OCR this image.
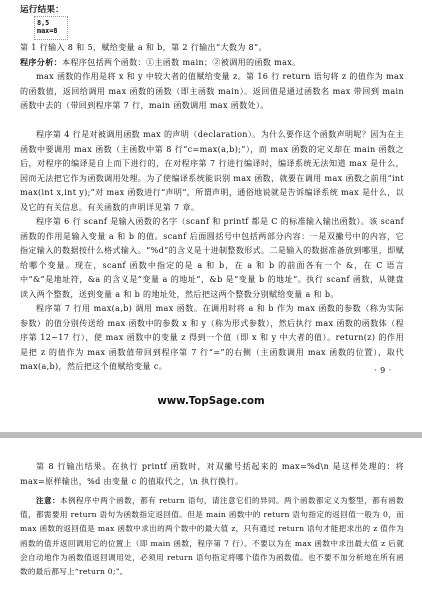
运行结果：
8,5
max=8

第 1 行输入 8 和 5，赋给变量 a 和 b，第 2 行输出“大数为 8”。

程序分析：本程序包括两个函数：①主函数 main；②被调用的函数 max。

max 函数的作用是将 x 和 y 中较大者的值赋给变量 z。第 16 行 return 语句将 z 的值作为 max 的函数值，返回给调用 max 函数的函数（即主函数 main）。返回值是通过函数名 max 带回到 main 函数中去的（带回到程序第 7 行，main 函数调用 max 函数处）。

程序第 4 行是对被调用函数 max 的声明（declaration）。为什么要作这个函数声明呢？因为在主函数中要调用 max 函数（主函数中第 8 行“c=max(a,b);”），而 max 函数的定义却在 main 函数之后，对程序的编译是自上而下进行的，在对程序第 7 行进行编译时，编译系统无法知道 max 是什么，因而无法把它作为函数调用处理。为了使编译系统能识别 max 函数，就要在调用 max 函数之前用“int max(int x,int y);”对 max 函数进行“声明”，所谓声明，通俗地说就是告诉编译系统 max 是什么，以及它的有关信息。有关函数的声明详见第 7 章。

程序第 6 行 scanf 是输入函数的名字（scanf 和 printf 都是 C 的标准输入输出函数）。该 scanf 函数的作用是输入变量 a 和 b 的值。scanf 后面圆括号中包括两部分内容：一是双撇号中的内容，它指定输入的数据按什么格式输入。“%d”的含义是十进制整数形式。二是输入的数据准备放到哪里，即赋给哪个变量。现在，scanf 函数中指定的是 a 和 b，在 a 和 b 的前面各有一个 &，在 C 语言中“&”是地址符，&a 的含义是“变量 a 的地址”，&b 是“变量 b 的地址”。执行 scanf 函数，从键盘读入两个整数，送到变量 a 和 b 的地址处，然后把这两个整数分别赋给变量 a 和 b。

程序第 7 行用 max(a,b) 调用 max 函数。在调用时将 a 和 b 作为 max 函数的参数（称为实际参数）的值分别传送给 max 函数中的参数 x 和 y（称为形式参数），然后执行 max 函数的函数体（程序第 12~17 行），使 max 函数中的变量 z 得到一个值（即 x 和 y 中大者的值）。return(z) 的作用是把 z 的值作为 max 函数值带回到程序第 7 行“=”的右侧（主函数调用 max 函数的位置），取代 max(a,b)，然后把这个值赋给变量 c。	· 9 ·
www.TopSage.com

第 8 行输出结果。在执行 printf 函数时，对双撇号括起来的 max=%d\n 是这样处理的：将 max=原样输出，%d 由变量 c 的值取代之，\n 执行换行。

注意：本例程序中两个函数，都有 return 语句，请注意它们的异同。两个函数都定义为整型，都有函数值，都需要用 return 语句为函数指定返回值。但是 main 函数中的 return 语句指定的返回值一般为 0，而 max 函数的返回值是 max 函数中求出的两个数中的最大值 z，只有通过 return 语句才能把求出的 z 值作为函数的值并返回调用它的位置上（即 main 函数，程序第 7 行）。不要以为在 max 函数中求出最大值 z 后就会自动地作为函数值返回调用处，必须用 return 语句指定将哪个值作为函数值。也不要不加分析地在所有函数的最后都写上“return 0;”。
